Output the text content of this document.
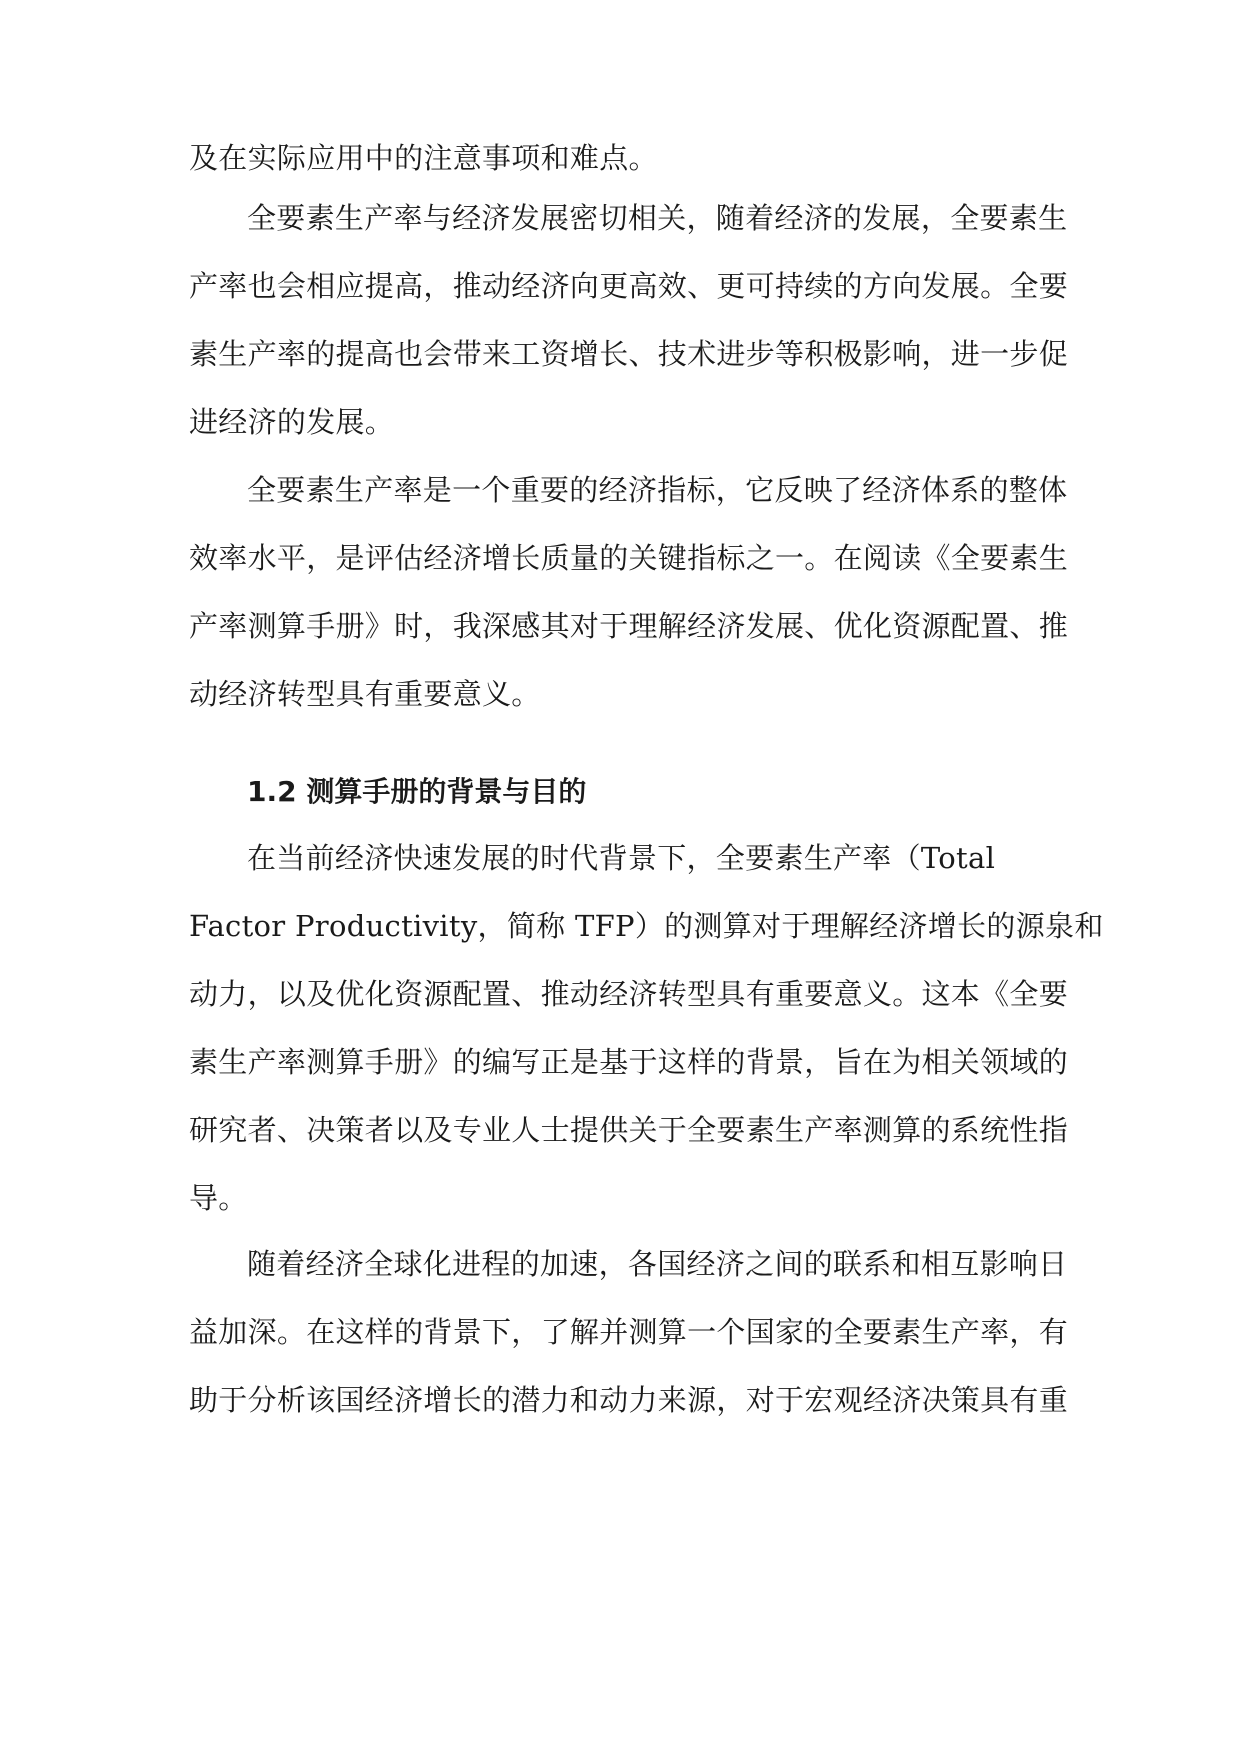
及在实际应用中的注意事项和难点。
全要素生产率与经济发展密切相关，随着经济的发展，全要素生
产率也会相应提高，推动经济向更高效、更可持续的方向发展。全要
素生产率的提高也会带来工资增长、技术进步等积极影响，进一步促
进经济的发展。
全要素生产率是一个重要的经济指标，它反映了经济体系的整体
效率水平，是评估经济增长质量的关键指标之一。在阅读《全要素生
产率测算手册》时，我深感其对于理解经济发展、优化资源配置、推
动经济转型具有重要意义。
1.2 测算手册的背景与目的
在当前经济快速发展的时代背景下，全要素生产率（Total
Factor Productivity，简称 TFP）的测算对于理解经济增长的源泉和
动力，以及优化资源配置、推动经济转型具有重要意义。这本《全要
素生产率测算手册》的编写正是基于这样的背景，旨在为相关领域的
研究者、决策者以及专业人士提供关于全要素生产率测算的系统性指
导。
随着经济全球化进程的加速，各国经济之间的联系和相互影响日
益加深。在这样的背景下，了解并测算一个国家的全要素生产率，有
助于分析该国经济增长的潜力和动力来源，对于宏观经济决策具有重
